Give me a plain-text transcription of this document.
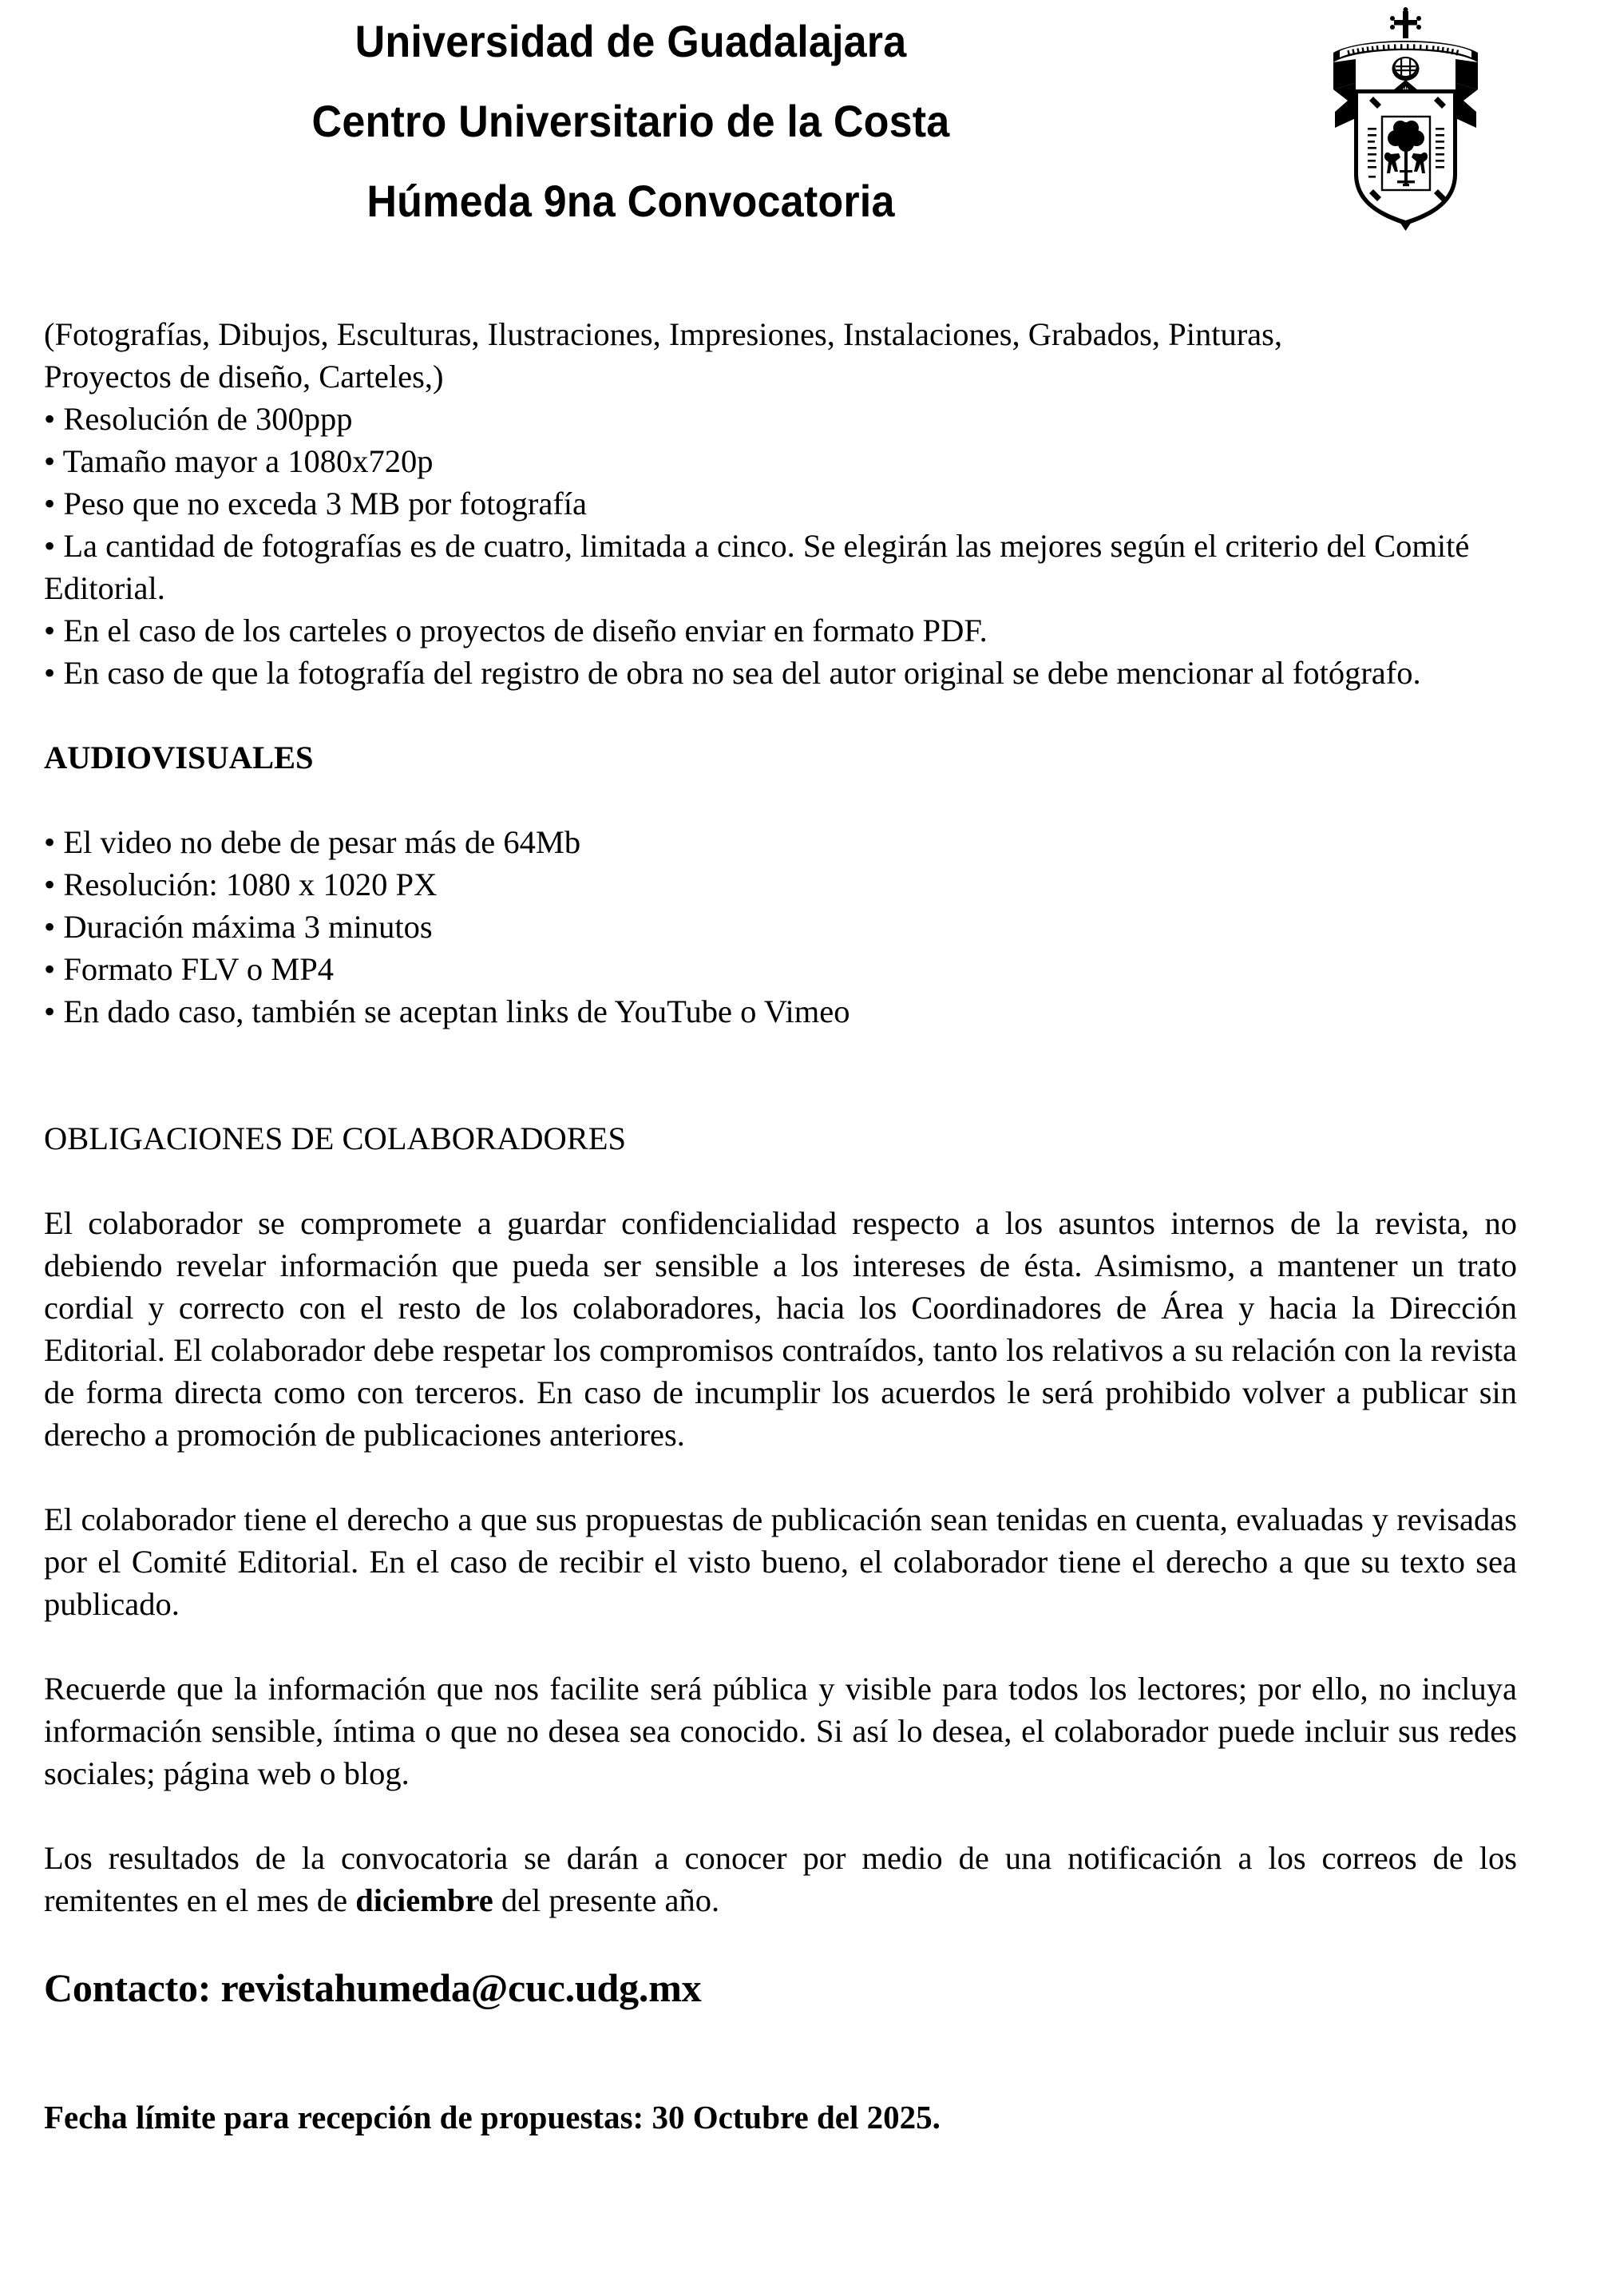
Universidad de Guadalajara
Centro Universitario de la Costa
Húmeda 9na Convocatoria
(Fotografías, Dibujos, Esculturas, Ilustraciones, Impresiones, Instalaciones, Grabados, Pinturas,
Proyectos de diseño, Carteles,)
• Resolución de 300ppp
• Tamaño mayor a 1080x720p
• Peso que no exceda 3 MB por fotografía
• La cantidad de fotografías es de cuatro, limitada a cinco. Se elegirán las mejores según el criterio del Comité Editorial.
• En el caso de los carteles o proyectos de diseño enviar en formato PDF.
• En caso de que la fotografía del registro de obra no sea del autor original se debe mencionar al fotógrafo.
AUDIOVISUALES
• El video no debe de pesar más de 64Mb
• Resolución: 1080 x 1020 PX
• Duración máxima 3 minutos
• Formato FLV o MP4
• En dado caso, también se aceptan links de YouTube o Vimeo
OBLIGACIONES DE COLABORADORES

El colaborador se compromete a guardar confidencialidad respecto a los asuntos internos de la revista, no debiendo revelar información que pueda ser sensible a los intereses de ésta. Asimismo, a mantener un trato cordial y correcto con el resto de los colaboradores, hacia los Coordinadores de Área y hacia la Dirección Editorial. El colaborador debe respetar los compromisos contraídos, tanto los relativos a su relación con la revista de forma directa como con terceros. En caso de incumplir los acuerdos le será prohibido volver a publicar sin derecho a promoción de publicaciones anteriores.

El colaborador tiene el derecho a que sus propuestas de publicación sean tenidas en cuenta, evaluadas y revisadas por el Comité Editorial. En el caso de recibir el visto bueno, el colaborador tiene el derecho a que su texto sea publicado.

Recuerde que la información que nos facilite será pública y visible para todos los lectores; por ello, no incluya información sensible, íntima o que no desea sea conocido. Si así lo desea, el colaborador puede incluir sus redes sociales; página web o blog.

Los resultados de la convocatoria se darán a conocer por medio de una notificación a los correos de los remitentes en el mes de diciembre del presente año.

Contacto: revistahumeda@cuc.udg.mx
Fecha límite para recepción de propuestas: 30 Octubre del 2025.
